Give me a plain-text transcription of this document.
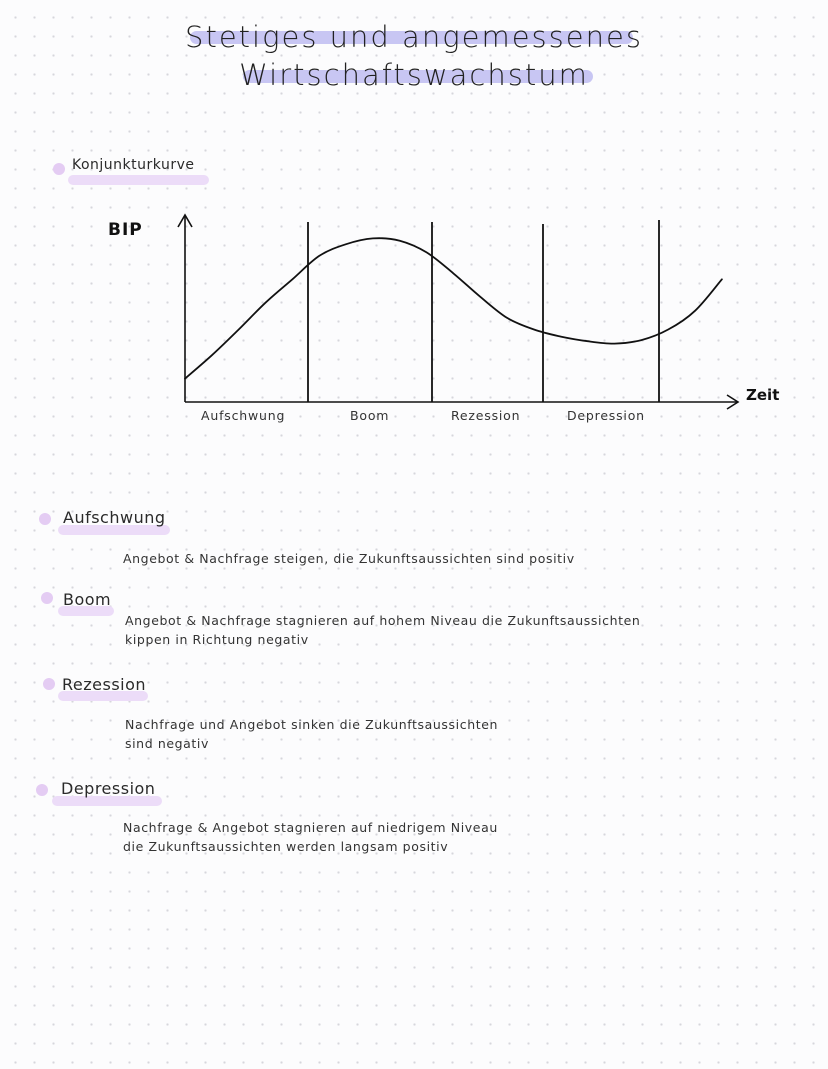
Stetiges und angemessenes
Wirtschaftswachstum
Konjunkturkurve
BIP
Zeit
Aufschwung	Boom	Rezession	Depression
Aufschwung
Angebot & Nachfrage steigen, die Zukunftsaussichten sind positiv
Boom
Angebot & Nachfrage stagnieren auf hohem Niveau die Zukunftsaussichten
kippen in Richtung negativ
Rezession
Nachfrage und Angebot sinken die Zukunftsaussichten
sind negativ
Depression
Nachfrage & Angebot stagnieren auf niedrigem Niveau
die Zukunftsaussichten werden langsam positiv
